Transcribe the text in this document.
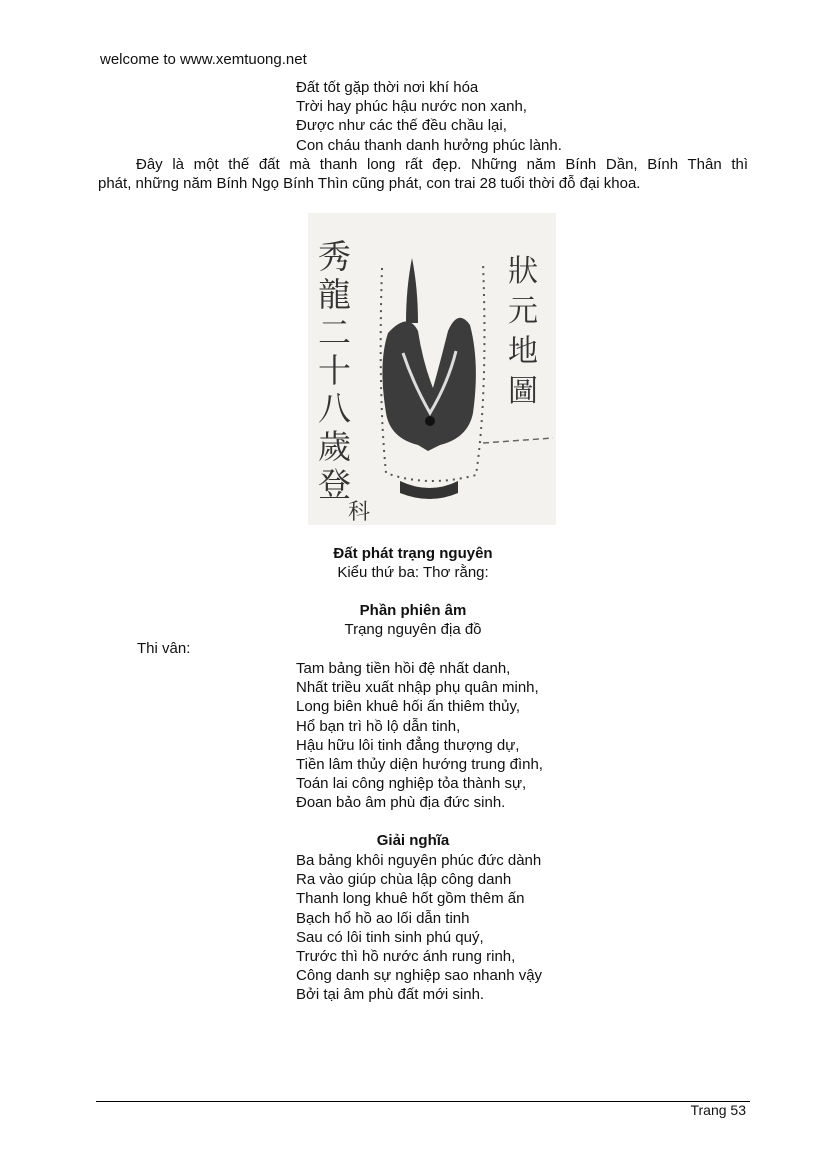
welcome to www.xemtuong.net
Đất tốt gặp thời nơi khí hóa
Trời hay phúc hậu nước non xanh,
Được như các thế đều chầu lại,
Con cháu thanh danh hưởng phúc lành.
Đây là một thế đất mà thanh long rất đẹp. Những năm Bính Dần, Bính Thân thì
phát, những năm Bính Ngọ Bính Thìn cũng phát, con trai 28 tuổi thời đỗ đại khoa.
秀
龍
二
十
八
歲
登
科
狀
元
地
圖
Đất phát trạng nguyên
Kiểu thứ ba: Thơ rằng:
Phần phiên âm
Trạng nguyên địa đồ
Thi vân:
Tam bảng tiền hồi đệ nhất danh,
Nhất triều xuất nhập phụ quân minh,
Long biên khuê hối ấn thiêm thủy,
Hổ bạn trì hồ lộ dẫn tinh,
Hậu hữu lôi tinh đẳng thượng dự,
Tiền lâm thủy diện hướng trung đình,
Toán lai công nghiệp tỏa thành sự,
Đoan bảo âm phù địa đức sinh.
Giải nghĩa
Ba bảng khôi nguyên phúc đức dành
Ra vào giúp chùa lập công danh
Thanh long khuê hốt gồm thêm ấn
Bạch hổ hồ ao lối dẫn tinh
Sau có lôi tinh sinh phú quý,
Trước thì hồ nước ánh rung rinh,
Công danh sự nghiệp sao nhanh vậy
Bởi tại âm phù đất mới sinh.
Trang 53
